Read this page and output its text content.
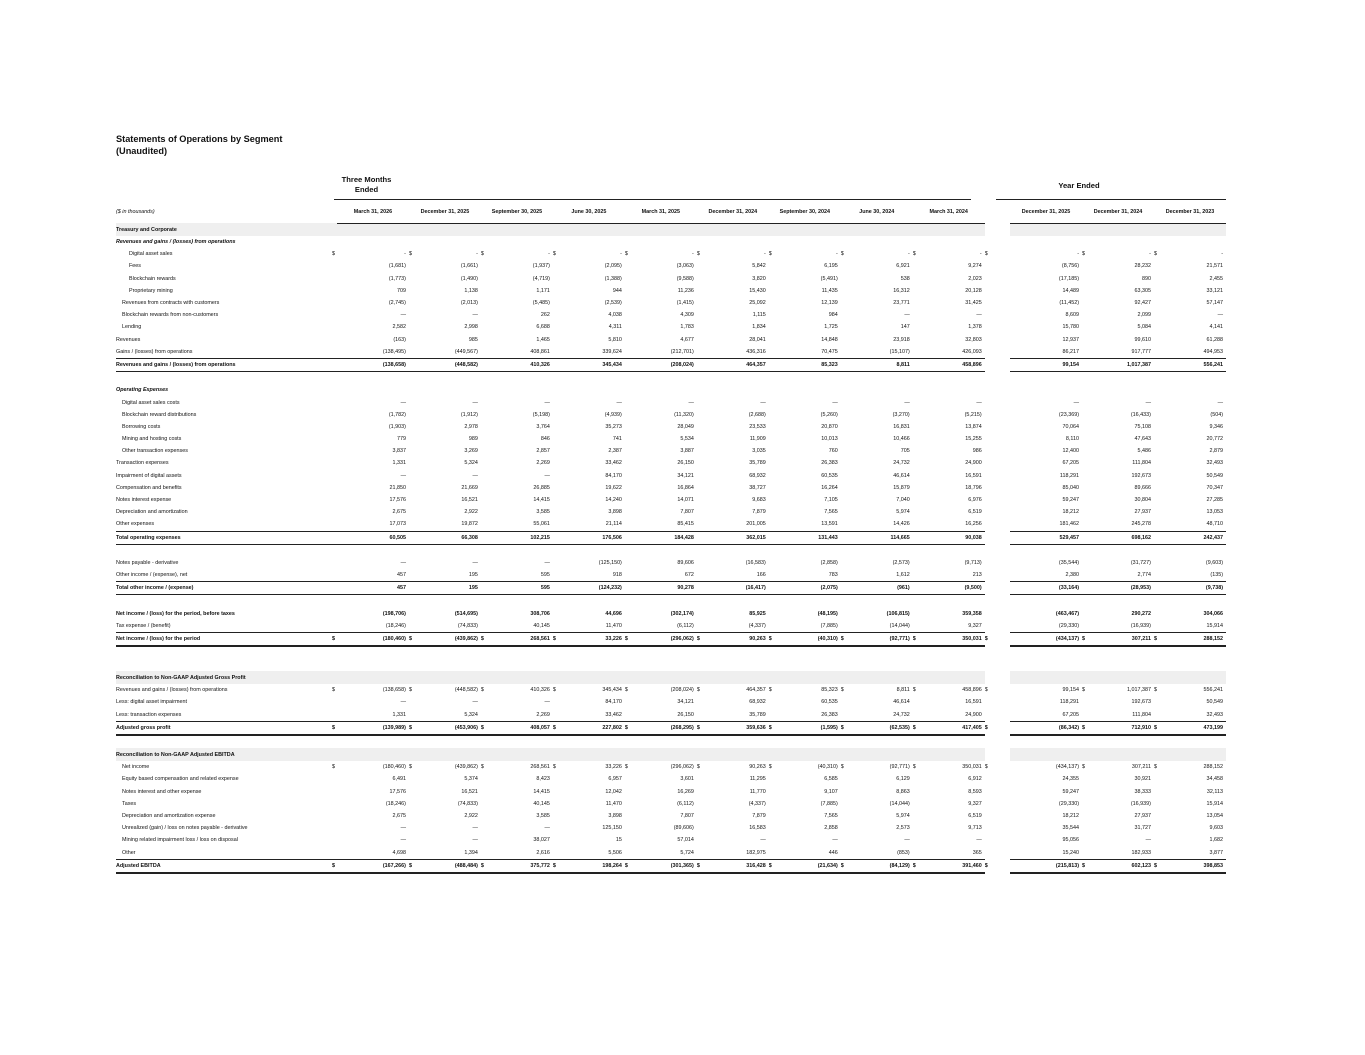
Statements of Operations by Segment
(Unaudited)
Three Months Ended	Year Ended
($ in thousands)	March 31, 2026	December 31, 2025	September 30, 2025	June 30, 2025	March 31, 2025	December 31, 2024	September 30, 2024	June 30, 2024	March 31, 2024		December 31, 2025	December 31, 2024	December 31, 2023
Treasury and Corporate													
Revenues and gains / (losses) from operations													
Digital asset sales $	-	$ -	$ -	$ -	$ -	$ -	$ -	$ -	$ -	$	-	$ -	$ -
Fees	(1,681)	(1,661)	(1,937)	(2,095)	(3,063)	5,842	6,195	6,921	9,274		(8,756)	28,232	21,571
Blockchain rewards	(1,773)	(1,490)	(4,719)	(1,388)	(9,588)	3,820	(5,491)	538	2,023		(17,185)	890	2,455
Proprietary mining	709	1,138	1,171	944	11,236	15,430	11,435	16,312	20,128		14,489	63,305	33,121
Revenues from contracts with customers	(2,745)	(2,013)	(5,485)	(2,539)	(1,415)	25,092	12,139	23,771	31,425		(11,452)	92,427	57,147
Blockchain rewards from non-customers	—	—	262	4,038	4,309	1,115	984	—	—		8,609	2,099	—
Lending	2,582	2,998	6,688	4,311	1,783	1,834	1,725	147	1,378		15,780	5,084	4,141
Revenues	(163)	985	1,465	5,810	4,677	28,041	14,848	23,918	32,803		12,937	99,610	61,288
Gains / (losses) from operations	(138,495)	(449,567)	408,861	339,624	(212,701)	436,316	70,475	(15,107)	426,093		86,217	917,777	494,953
Revenues and gains / (losses) from operations	(138,658)	(448,582)	410,326	345,434	(208,024)	464,357	85,323	8,811	458,896		99,154	1,017,387	556,241

Operating Expenses													
Digital asset sales costs	—	—	—	—	—	—	—	—	—		—	—	—
Blockchain reward distributions	(1,782)	(1,912)	(5,198)	(4,939)	(11,320)	(2,688)	(5,260)	(3,270)	(5,215)		(23,369)	(16,433)	(504)
Borrowing costs	(1,903)	2,978	3,764	35,273	28,049	23,533	20,870	16,831	13,874		70,064	75,108	9,346
Mining and hosting costs	779	989	846	741	5,534	11,909	10,013	10,466	15,255		8,110	47,643	20,772
Other transaction expenses	3,837	3,269	2,857	2,387	3,887	3,035	760	705	986		12,400	5,486	2,879
Transaction expenses	1,331	5,324	2,269	33,462	26,150	35,789	26,383	24,732	24,900		67,205	111,804	32,493
Impairment of digital assets	—	—	—	84,170	34,121	68,932	60,535	46,614	16,591		118,291	192,673	50,549
Compensation and benefits	21,850	21,669	26,885	19,622	16,864	38,727	16,264	15,879	18,796		85,040	89,666	70,347
Notes interest expense	17,576	16,521	14,415	14,240	14,071	9,683	7,105	7,040	6,976		59,247	30,804	27,285
Depreciation and amortization	2,675	2,922	3,585	3,898	7,807	7,879	7,565	5,974	6,519		18,212	27,937	13,053
Other expenses	17,073	19,872	55,061	21,114	85,415	201,005	13,591	14,426	16,256		181,462	245,278	48,710
Total operating expenses	60,505	66,308	102,215	176,506	184,428	362,015	131,443	114,665	90,038		529,457	698,162	242,437

Notes payable - derivative	—	—	—	(125,150)	89,606	(16,583)	(2,858)	(2,573)	(9,713)		(35,544)	(31,727)	(9,603)
Other income / (expense), net	457	195	595	918	672	166	783	1,612	213		2,380	2,774	(135)
Total other income / (expense)	457	195	595	(124,232)	90,278	(16,417)	(2,075)	(961)	(9,500)		(33,164)	(28,953)	(9,738)

Net income / (loss) for the period, before taxes	(198,706)	(514,695)	308,706	44,696	(302,174)	85,925	(48,195)	(106,815)	359,358		(463,467)	290,272	304,066
Tax expense / (benefit)	(18,246)	(74,833)	40,145	11,470	(6,112)	(4,337)	(7,885)	(14,044)	9,327		(29,330)	(16,939)	15,914
Net income / (loss) for the period $	(180,460)	$ (439,862)	$ 268,561	$ 33,226	$ (296,062)	$ 90,263	$ (40,310)	$ (92,771)	$ 350,031	$	(434,137)	$ 307,211	$ 288,152

Reconciliation to Non-GAAP Adjusted Gross Profit													
Revenues and gains / (losses) from operations $	(138,658)	$ (448,582)	$ 410,326	$ 345,434	$ (208,024)	$ 464,357	$ 85,323	$ 8,811	$ 458,896	$	99,154	$ 1,017,387	$ 556,241
Less: digital asset impairment	—	—	—	84,170	34,121	68,932	60,535	46,614	16,591		118,291	192,673	50,549
Less: transaction expenses	1,331	5,324	2,269	33,462	26,150	35,789	26,383	24,732	24,900		67,205	111,804	32,493
Adjusted gross profit $	(139,989)	$ (453,906)	$ 408,057	$ 227,802	$ (268,295)	$ 359,636	$ (1,595)	$ (62,535)	$ 417,405	$	(86,342)	$ 712,910	$ 473,199

Reconciliation to Non-GAAP Adjusted EBITDA													
Net income $	(180,460)	$ (439,862)	$ 268,561	$ 33,226	$ (296,062)	$ 90,263	$ (40,310)	$ (92,771)	$ 350,031	$	(434,137)	$ 307,211	$ 288,152
Equity based compensation and related expense	6,491	5,374	8,423	6,957	3,601	11,295	6,585	6,129	6,912		24,355	30,921	34,458
Notes interest and other expense	17,576	16,521	14,415	12,042	16,269	11,770	9,107	8,863	8,593		59,247	38,333	32,113
Taxes	(18,246)	(74,833)	40,145	11,470	(6,112)	(4,337)	(7,885)	(14,044)	9,327		(29,330)	(16,939)	15,914
Depreciation and amortization expense	2,675	2,922	3,585	3,898	7,807	7,879	7,565	5,974	6,519		18,212	27,937	13,054
Unrealized (gain) / loss on notes payable - derivative	—	—	—	125,150	(89,606)	16,583	2,858	2,573	9,713		35,544	31,727	9,603
Mining related impairment loss / loss on disposal	—	—	38,027	15	57,014	—	—	—	—		95,056	—	1,682
Other	4,698	1,394	2,616	5,506	5,724	182,975	446	(853)	365		15,240	182,933	3,877
Adjusted EBITDA $	(167,266)	$ (488,484)	$ 375,772	$ 198,264	$ (301,365)	$ 316,428	$ (21,634)	$ (84,129)	$ 391,460	$	(215,813)	$ 602,123	$ 398,853
